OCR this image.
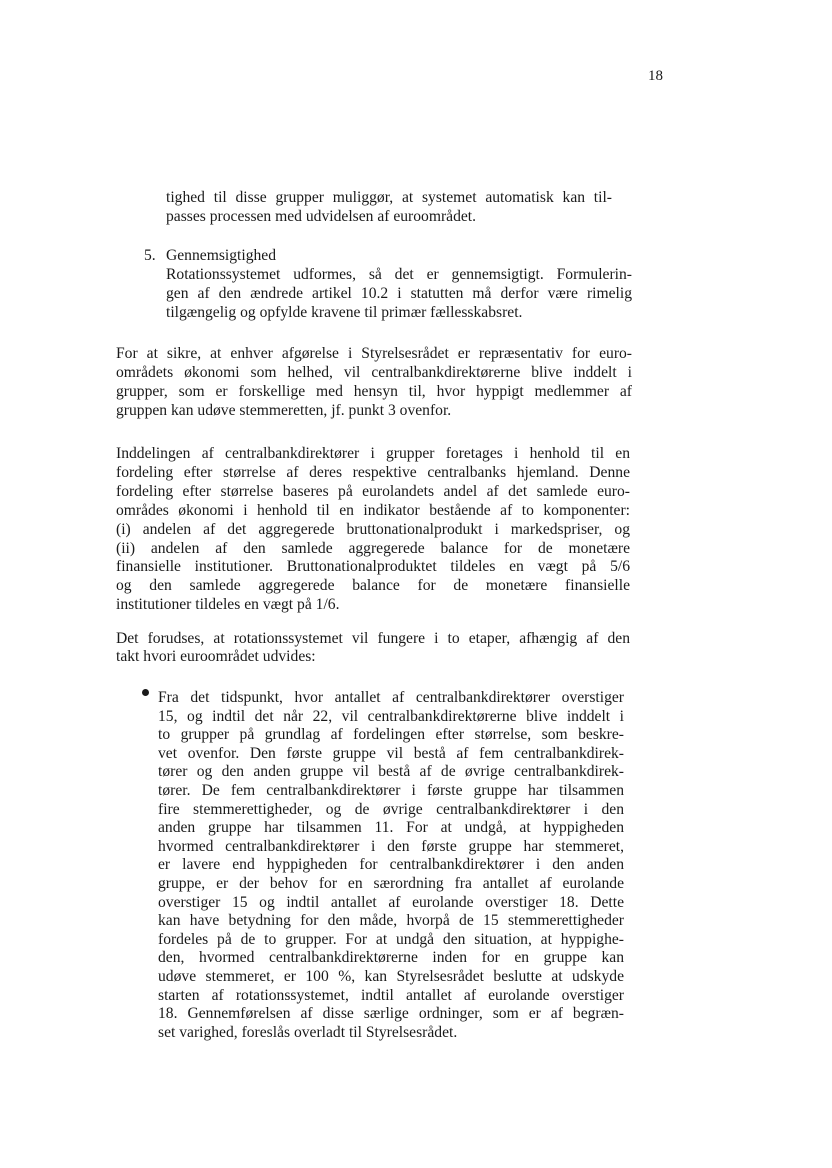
18
tighed til disse grupper muliggør, at systemet automatisk kan til-
passes processen med udvidelsen af euroområdet.
5. Gennemsigtighed
Rotationssystemet udformes, så det er gennemsigtigt. Formulerin-
gen af den ændrede artikel 10.2 i statutten må derfor være rimelig
tilgængelig og opfylde kravene til primær fællesskabsret.
For at sikre, at enhver afgørelse i Styrelsesrådet er repræsentativ for euro-
områdets økonomi som helhed, vil centralbankdirektørerne blive inddelt i
grupper, som er forskellige med hensyn til, hvor hyppigt medlemmer af
gruppen kan udøve stemmeretten, jf. punkt 3 ovenfor.
Inddelingen af centralbankdirektører i grupper foretages i henhold til en
fordeling efter størrelse af deres respektive centralbanks hjemland. Denne
fordeling efter størrelse baseres på eurolandets andel af det samlede euro-
områdes økonomi i henhold til en indikator bestående af to komponenter:
(i) andelen af det aggregerede bruttonationalprodukt i markedspriser, og
(ii) andelen af den samlede aggregerede balance for de monetære
finansielle institutioner. Bruttonationalproduktet tildeles en vægt på 5/6
og den samlede aggregerede balance for de monetære finansielle
institutioner tildeles en vægt på 1/6.
Det forudses, at rotationssystemet vil fungere i to etaper, afhængig af den
takt hvori euroområdet udvides:
Fra det tidspunkt, hvor antallet af centralbankdirektører overstiger
15, og indtil det når 22, vil centralbankdirektørerne blive inddelt i
to grupper på grundlag af fordelingen efter størrelse, som beskre-
vet ovenfor. Den første gruppe vil bestå af fem centralbankdirek-
tører og den anden gruppe vil bestå af de øvrige centralbankdirek-
tører. De fem centralbankdirektører i første gruppe har tilsammen
fire stemmerettigheder, og de øvrige centralbankdirektører i den
anden gruppe har tilsammen 11. For at undgå, at hyppigheden
hvormed centralbankdirektører i den første gruppe har stemmeret,
er lavere end hyppigheden for centralbankdirektører i den anden
gruppe, er der behov for en særordning fra antallet af eurolande
overstiger 15 og indtil antallet af eurolande overstiger 18. Dette
kan have betydning for den måde, hvorpå de 15 stemmerettigheder
fordeles på de to grupper. For at undgå den situation, at hyppighe-
den, hvormed centralbankdirektørerne inden for en gruppe kan
udøve stemmeret, er 100 %, kan Styrelsesrådet beslutte at udskyde
starten af rotationssystemet, indtil antallet af eurolande overstiger
18. Gennemførelsen af disse særlige ordninger, som er af begræn-
set varighed, foreslås overladt til Styrelsesrådet.
